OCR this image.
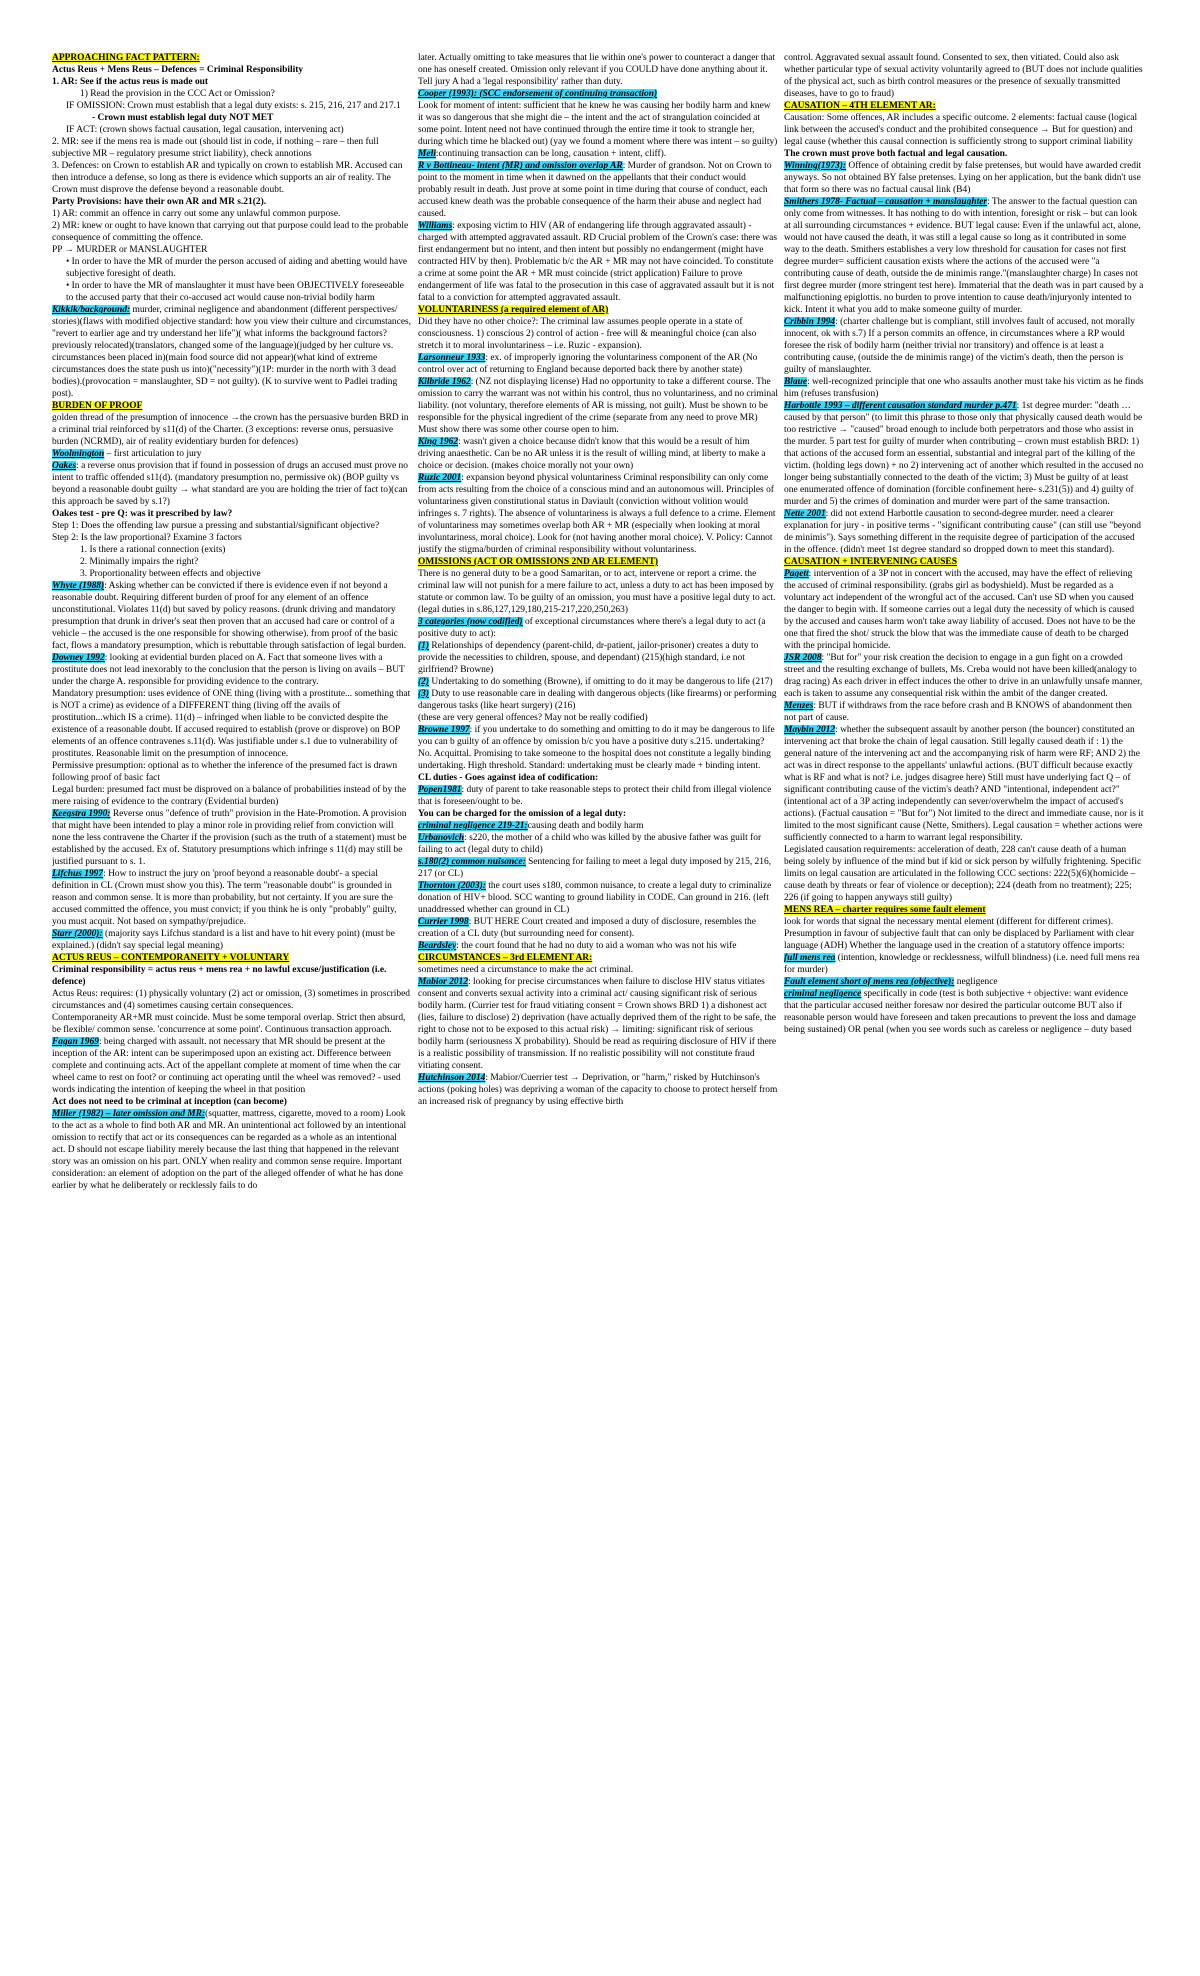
APPROACHING FACT PATTERN:

Actus Reus + Mens Reus – Defences = Criminal Responsibility

1. AR: See if the actus reus is made out

1) Read the provision in the CCC Act or Omission?

IF OMISSION: Crown must establish that a legal duty exists: s. 215, 216, 217 and 217.1

- Crown must establish legal duty NOT MET

IF ACT: (crown shows factual causation, legal causation, intervening act)

2. MR: see if the mens rea is made out (should list in code, if nothing – rare – then full subjective MR – regulatory presume strict liability), check annotions

3. Defences: on Crown to establish AR and typically on crown to establish MR. Accused can then introduce a defense, so long as there is evidence which supports an air of reality. The Crown must disprove the defense beyond a reasonable doubt.

Party Provisions: have their own AR and MR s.21(2).

1) AR: commit an offence in carry out some any unlawful common purpose.

2) MR: knew or ought to have known that carrying out that purpose could lead to the probable consequence of committing the offence.

PP → MURDER or MANSLAUGHTER

• In order to have the MR of murder the person accused of aiding and abetting would have subjective foresight of death.

• In order to have the MR of manslaughter it must have been OBJECTIVELY foreseeable to the accused party that their co-accused act would cause non-trivial bodily harm

Kikkik/background: murder, criminal negligence and abandonment (different perspectives/ stories)(flaws with modified objective standard: how you view their culture and circumstances, "revert to earlier age and try understand her life")( what informs the background factors? previously relocated)(translators, changed some of the language)(judged by her culture vs. circumstances been placed in)(main food source did not appear)(what kind of extreme circumstances does the state push us into)("necessity")(1P: murder in the north with 3 dead bodies).(provocation = manslaughter, SD = not guilty). (K to survive went to Padlei trading post).

BURDEN OF PROOF

golden thread of the presumption of innocence →the crown has the persuasive burden BRD in a criminal trial reinforced by s11(d) of the Charter. (3 exceptions: reverse onus, persuasive burden (NCRMD), air of reality evidentiary burden for defences)

Woolmington – first articulation to jury

Oakes: a reverse onus provision that if found in possession of drugs an accused must prove no intent to traffic offended s11(d). (mandatory presumption no, permissive ok) (BOP guilty vs beyond a reasonable doubt guilty → what standard are you are holding the trier of fact to)(can this approach be saved by s.1?)

Oakes test - pre Q: was it prescribed by law?

Step 1: Does the offending law pursue a pressing and substantial/significant objective?

Step 2: Is the law proportional? Examine 3 factors

1. Is there a rational connection (exits)

2. Minimally impairs the right?

3. Proportionality between effects and objective

Whyte (1988): Asking whether can be convicted if there is evidence even if not beyond a reasonable doubt. Requiring different burden of proof for any element of an offence unconstitutional. Violates 11(d) but saved by policy reasons. (drunk driving and mandatory presumption that drunk in driver's seat then proven that an accused had care or control of a vehicle – the accused is the one responsible for showing otherwise). from proof of the basic fact, flows a mandatory presumption, which is rebuttable through satisfaction of legal burden.

Downey 1992: looking at evidential burden placed on A. Fact that someone lives with a prostitute does not lead inexorably to the conclusion that the person is living on avails – BUT under the charge A. responsible for providing evidence to the contrary.

Mandatory presumption: uses evidence of ONE thing (living with a prostitute... something that is NOT a crime) as evidence of a DIFFERENT thing (living off the avails of prostitution...which IS a crime). 11(d) – infringed when liable to be convicted despite the existence of a reasonable doubt. If accused required to establish (prove or disprove) on BOP elements of an offence contravenes s.11(d). Was justifiable under s.1 due to vulnerability of prostitutes. Reasonable limit on the presumption of innocence.

Permissive presumption: optional as to whether the inference of the presumed fact is drawn following proof of basic fact

Legal burden: presumed fact must be disproved on a balance of probabilities instead of by the mere raising of evidence to the contrary (Evidential burden)

Keegstra 1990: Reverse onus "defence of truth" provision in the Hate-Promotion. A provision that might have been intended to play a minor role in providing relief from conviction will none the less contravene the Charter if the provision (such as the truth of a statement) must be established by the accused. Ex of. Statutory presumptions which infringe s 11(d) may still be justified pursuant to s. 1.

Lifchus 1997: How to instruct the jury on 'proof beyond a reasonable doubt'- a special definition in CL (Crown must show you this). The term "reasonable doubt" is grounded in reason and common sense. It is more than probability, but not certainty. If you are sure the accused committed the offence, you must convict; if you think he is only "probably" guilty, you must acquit. Not based on sympathy/prejudice.

Starr (2000): (majority says Lifchus standard is a list and have to hit every point) (must be explained.) (didn't say special legal meaning)

ACTUS REUS – CONTEMPORANEITY + VOLUNTARY

Criminal responsibility = actus reus + mens rea + no lawful excuse/justification (i.e. defence)

Actus Reus: requires: (1) physically voluntary (2) act or omission, (3) sometimes in proscribed circumstances and (4) sometimes causing certain consequences.

Contemporaneity AR+MR must coincide. Must be some temporal overlap. Strict then absurd, be flexible/ common sense. 'concurrence at some point'. Continuous transaction approach.

Fagan 1969: being charged with assault. not necessary that MR should be present at the inception of the AR: intent can be superimposed upon an existing act. Difference between complete and continuing acts. Act of the appellant complete at moment of time when the car wheel came to rest on foot? or continuing act operating until the wheel was removed? - used words indicating the intention of keeping the wheel in that position

Act does not need to be criminal at inception (can become)

Miller (1982) – later omission and MR:(squatter, mattress, cigarette, moved to a room) Look to the act as a whole to find both AR and MR. An unintentional act followed by an intentional omission to rectify that act or its consequences can be regarded as a whole as an intentional act. D should not escape liability merely because the last thing that happened in the relevant story was an omission on his part. ONLY when reality and common sense require. Important consideration: an element of adoption on the part of the alleged offender of what he has done earlier by what he deliberately or recklessly fails to do

later. Actually omitting to take measures that lie within one's power to counteract a danger that one has oneself created. Omission only relevant if you COULD have done anything about it. Tell jury A had a 'legal responsibility' rather than duty.

Cooper (1993): (SCC endorsement of continuing transaction)

Look for moment of intent: sufficient that he knew he was causing her bodily harm and knew it was so dangerous that she might die – the intent and the act of strangulation coincided at some point. Intent need not have continued through the entire time it took to strangle her, during which time he blacked out) (yay we found a moment where there was intent – so guilty)

Meli:continuing transaction can be long, causation + intent, cliff).

R v Bottineau- intent (MR) and omission overlap AR: Murder of grandson. Not on Crown to point to the moment in time when it dawned on the appellants that their conduct would probably result in death. Just prove at some point in time during that course of conduct, each accused knew death was the probable consequence of the harm their abuse and neglect had caused.

Williams: exposing victim to HIV (AR of endangering life through aggravated assault) - charged with attempted aggravated assault. RD Crucial problem of the Crown's case: there was first endangerment but no intent, and then intent but possibly no endangerment (might have contracted HIV by then). Problematic b/c the AR + MR may not have coincided. To constitute a crime at some point the AR + MR must coincide (strict application) Failure to prove endangerment of life was fatal to the prosecution in this case of aggravated assault but it is not fatal to a conviction for attempted aggravated assault.

VOLUNTARINESS (a required element of AR)

Did they have no other choice?: The criminal law assumes people operate in a state of consciousness. 1) conscious 2) control of action - free will & meaningful choice (can also stretch it to moral involuntariness – i.e. Ruzic - expansion).

Larsonneur 1933: ex. of improperly ignoring the voluntariness component of the AR (No control over act of returning to England because deported back there by another state)

Kilbride 1962: (NZ not displaying license) Had no opportunity to take a different course. The omission to carry the warrant was not within his control, thus no voluntariness, and no criminal liability. (not voluntary, therefore elements of AR is missing, not guilt). Must be shown to be responsible for the physical ingredient of the crime (separate from any need to prove MR) Must show there was some other course open to him.

King 1962: wasn't given a choice because didn't know that this would be a result of him driving anaesthetic. Can be no AR unless it is the result of willing mind, at liberty to make a choice or decision. (makes choice morally not your own)

Ruzic 2001: expansion beyond physical voluntariness Criminal responsibility can only come from acts resulting from the choice of a conscious mind and an autonomous will. Principles of voluntariness given constitutional status in Daviault (conviction without volition would infringes s. 7 rights). The absence of voluntariness is always a full defence to a crime. Element of voluntariness may sometimes overlap both AR + MR (especially when looking at moral involuntariness, moral choice). Look for (not having another moral choice). V. Policy: Cannot justify the stigma/burden of criminal responsibility without voluntariness.

OMISSIONS (ACT OR OMISSIONS 2ND AR ELEMENT)

There is no general duty to be a good Samaritan, or to act, intervene or report a crime. the criminal law will not punish for a mere failure to act, unless a duty to act has been imposed by statute or common law. To be guilty of an omission, you must have a positive legal duty to act. (legal duties in s.86,127,129,180,215-217,220,250,263)

3 categories (now codified) of exceptional circumstances where there's a legal duty to act (a positive duty to act):

(1) Relationships of dependency (parent-child, dr-patient, jailor-prisoner) creates a duty to provide the necessities to children, spouse, and dependant) (215)(high standard, i.e not girlfriend? Browne)

(2) Undertaking to do something (Browne), if omitting to do it may be dangerous to life (217)

(3) Duty to use reasonable care in dealing with dangerous objects (like firearms) or performing dangerous tasks (like heart surgery) (216)

(these are very general offences? May not be really codified)

Browne 1997: if you undertake to do something and omitting to do it may be dangerous to life you can b guilty of an offence by omission b/c you have a positive duty s.215. undertaking? No. Acquittal. Promising to take someone to the hospital does not constitute a legally binding undertaking. High threshold. Standard: undertaking must be clearly made + binding intent.

CL duties - Goes against idea of codification:

Popen1981: duty of parent to take reasonable steps to protect their child from illegal violence that is foreseen/ought to be.

You can be charged for the omission of a legal duty:

criminal negligence 219-21:causing death and bodily harm

Urbanovich: s220, the mother of a child who was killed by the abusive father was guilt for failing to act (legal duty to child)

s.180(2) common nuisance: Sentencing for failing to meet a legal duty imposed by 215, 216, 217 (or CL)

Thornton (2003): the court uses s180, common nuisance, to create a legal duty to criminalize donation of HIV+ blood. SCC wanting to ground liability in CODE. Can ground in 216. (left unaddressed whether can ground in CL)

Currier 1998: BUT HERE Court created and imposed a duty of disclosure, resembles the creation of a CL duty (but surrounding need for consent).

Beardsley: the court found that he had no duty to aid a woman who was not his wife

CIRCUMSTANCES – 3rd ELEMENT AR:

sometimes need a circumstance to make the act criminal.

Mabior 2012: looking for precise circumstances when failure to disclose HIV status vitiates consent and converts sexual activity into a criminal act/ causing significant risk of serious bodily harm. (Currier test for fraud vitiating consent = Crown shows BRD 1) a dishonest act (lies, failure to disclose) 2) deprivation (have actually deprived them of the right to be safe, the right to chose not to be exposed to this actual risk) → limiting: significant risk of serious bodily harm (seriousness X probability). Should be read as requiring disclosure of HIV if there is a realistic possibility of transmission. If no realistic possibility will not constitute fraud vitiating consent.

Hutchinson 2014: Mabior/Cuerrier test → Deprivation, or "harm," risked by Hutchinson's actions (poking holes) was depriving a woman of the capacity to choose to protect herself from an increased risk of pregnancy by using effective birth

control. Aggravated sexual assault found. Consented to sex, then vitiated. Could also ask whether particular type of sexual activity voluntarily agreed to (BUT does not include qualities of the physical act, such as birth control measures or the presence of sexually transmitted diseases, have to go to fraud)

CAUSATION – 4TH ELEMENT AR:

Causation: Some offences, AR includes a specific outcome. 2 elements: factual cause (logical link between the accused's conduct and the prohibited consequence → But for question) and legal cause (whether this causal connection is sufficiently strong to support criminal liability

The crown must prove both factual and legal causation.

Winning(1973): Offence of obtaining credit by false pretenses, but would have awarded credit anyways. So not obtained BY false pretenses. Lying on her application, but the bank didn't use that form so there was no factual causal link (B4)

Smithers 1978- Factual – causation + manslaughter: The answer to the factual question can only come from witnesses. It has nothing to do with intention, foresight or risk – but can look at all surrounding circumstances + evidence. BUT legal cause: Even if the unlawful act, alone, would not have caused the death, it was still a legal cause so long as it contributed in some way to the death. Smithers establishes a very low threshold for causation for cases not first degree murder= sufficient causation exists where the actions of the accused were "a contributing cause of death, outside the de minimis range."(manslaughter charge) In cases not first degree murder (more stringent test here). Immaterial that the death was in part caused by a malfunctioning epiglottis. no burden to prove intention to cause death/injuryonly intented to kick. Intent it what you add to make someone guilty of murder.

Cribbin 1994: (charter challenge but is compliant, still involves fault of accused, not morally innocent, ok with s.7) If a person commits an offence, in circumstances where a RP would foresee the risk of bodily harm (neither trivial nor transitory) and offence is at least a contributing cause, (outside the de minimis range) of the victim's death, then the person is guilty of manslaughter.

Blaue: well-recognized principle that one who assaults another must take his victim as he finds him (refuses transfusion)

Harbottle 1993 – different causation standard murder p.471: 1st degree murder: "death … caused by that person" (to limit this phrase to those only that physically caused death would be too restrictive → "caused" broad enough to include both perpetrators and those who assist in the murder. 5 part test for guilty of murder when contributing – crown must establish BRD: 1) that actions of the accused form an essential, substantial and integral part of the killing of the victim. (holding legs down) + no 2) intervening act of another which resulted in the accused no longer being substantially connected to the death of the victim; 3) Must be guilty of at least one enumerated offence of domination (forcible confinement here- s.231(5)) and 4) guilty of murder and 5) the crimes of domination and murder were part of the same transaction.

Nette 2001: did not extend Harbottle causation to second-degree murder. need a clearer explanation for jury - in positive terms - "significant contributing cause" (can still use "beyond de minimis"). Says something different in the requisite degree of participation of the accused in the offence. (didn't meet 1st degree standard so dropped down to meet this standard).

CAUSATION + INTERVENING CAUSES

Pagett: intervention of a 3P not in concert with the accused, may have the effect of relieving the accused of criminal responsibility. (grabs girl as bodyshield). Must be regarded as a voluntary act independent of the wrongful act of the accused. Can't use SD when you caused the danger to begin with. If someone carries out a legal duty the necessity of which is caused by the accused and causes harm won't take away liability of accused. Does not have to be the one that fired the shot/ struck the blow that was the immediate cause of death to be charged with the principal homicide.

JSR 2008: "But for" your risk creation the decision to engage in a gun fight on a crowded street and the resulting exchange of bullets, Ms. Creba would not have been killed(analogy to drag racing) As each driver in effect induces the other to drive in an unlawfully unsafe manner, each is taken to assume any consequential risk within the ambit of the danger created.

Menzes: BUT if withdraws from the race before crash and B KNOWS of abandonment then not part of cause.

Maybin 2012: whether the subsequent assault by another person (the bouncer) constituted an intervening act that broke the chain of legal causation. Still legally caused death if : 1) the general nature of the intervening act and the accompanying risk of harm were RF; AND 2) the act was in direct response to the appellants' unlawful actions. (BUT difficult because exactly what is RF and what is not? i.e. judges disagree here) Still must have underlying fact Q – of significant contributing cause of the victim's death? AND "intentional, independent act?" (intentional act of a 3P acting independently can sever/overwhelm the impact of accused's actions). (Factual causation = "But for") Not limited to the direct and immediate cause, nor is it limited to the most significant cause (Nette, Smithers). Legal causation = whether actions were sufficiently connected to a harm to warrant legal responsibility.

Legislated causation requirements: acceleration of death, 228 can't cause death of a human being solely by influence of the mind but if kid or sick person by wilfully frightening. Specific limits on legal causation are articulated in the following CCC sections: 222(5)(6)(homicide – cause death by threats or fear of violence or deception); 224 (death from no treatment); 225; 226 (if going to happen anyways still guilty)

MENS REA – charter requires some fault element

look for words that signal the necessary mental element (different for different crimes). Presumption in favour of subjective fault that can only be displaced by Parliament with clear language (ADH) Whether the language used in the creation of a statutory offence imports:

full mens rea (intention, knowledge or recklessness, wilfull blindness) (i.e. need full mens rea for murder)

Fault element short of mens rea (objective): negligence

criminal negligence specifically in code (test is both subjective + objective: want evidence that the particular accused neither foresaw nor desired the particular outcome BUT also if reasonable person would have foreseen and taken precautions to prevent the loss and damage being sustained) OR penal (when you see words such as careless or negligence – duty based
